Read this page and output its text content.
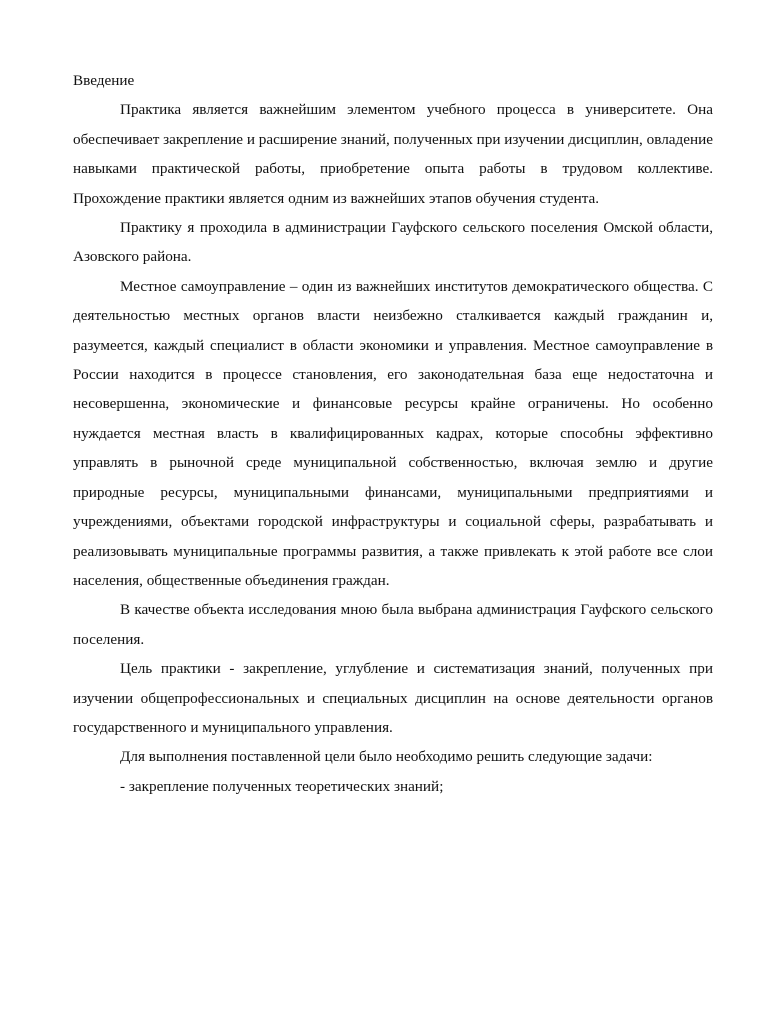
Введение

Практика является важнейшим элементом учебного процесса в университете. Она обеспечивает закрепление и расширение знаний, полученных при изучении дисциплин, овладение навыками практической работы, приобретение опыта работы в трудовом коллективе. Прохождение практики является одним из важнейших этапов обучения студента.

Практику я проходила в администрации Гауфского сельского поселения Омской области, Азовского района.

Местное самоуправление – один из важнейших институтов демократического общества. С деятельностью местных органов власти неизбежно сталкивается каждый гражданин и, разумеется, каждый специалист в области экономики и управления. Местное самоуправление в России находится в процессе становления, его законодательная база еще недостаточна и несовершенна, экономические и финансовые ресурсы крайне ограничены. Но особенно нуждается местная власть в квалифицированных кадрах, которые способны эффективно управлять в рыночной среде муниципальной собственностью, включая землю и другие природные ресурсы, муниципальными финансами, муниципальными предприятиями и учреждениями, объектами городской инфраструктуры и социальной сферы, разрабатывать и реализовывать муниципальные программы развития, а также привлекать к этой работе все слои населения, общественные объединения граждан.

В качестве объекта исследования мною была выбрана администрация Гауфского сельского поселения.

Цель практики - закрепление, углубление и систематизация знаний, полученных при изучении общепрофессиональных и специальных дисциплин на основе деятельности органов государственного и муниципального управления.

Для выполнения поставленной цели было необходимо решить следующие задачи:

- закрепление полученных теоретических знаний;
